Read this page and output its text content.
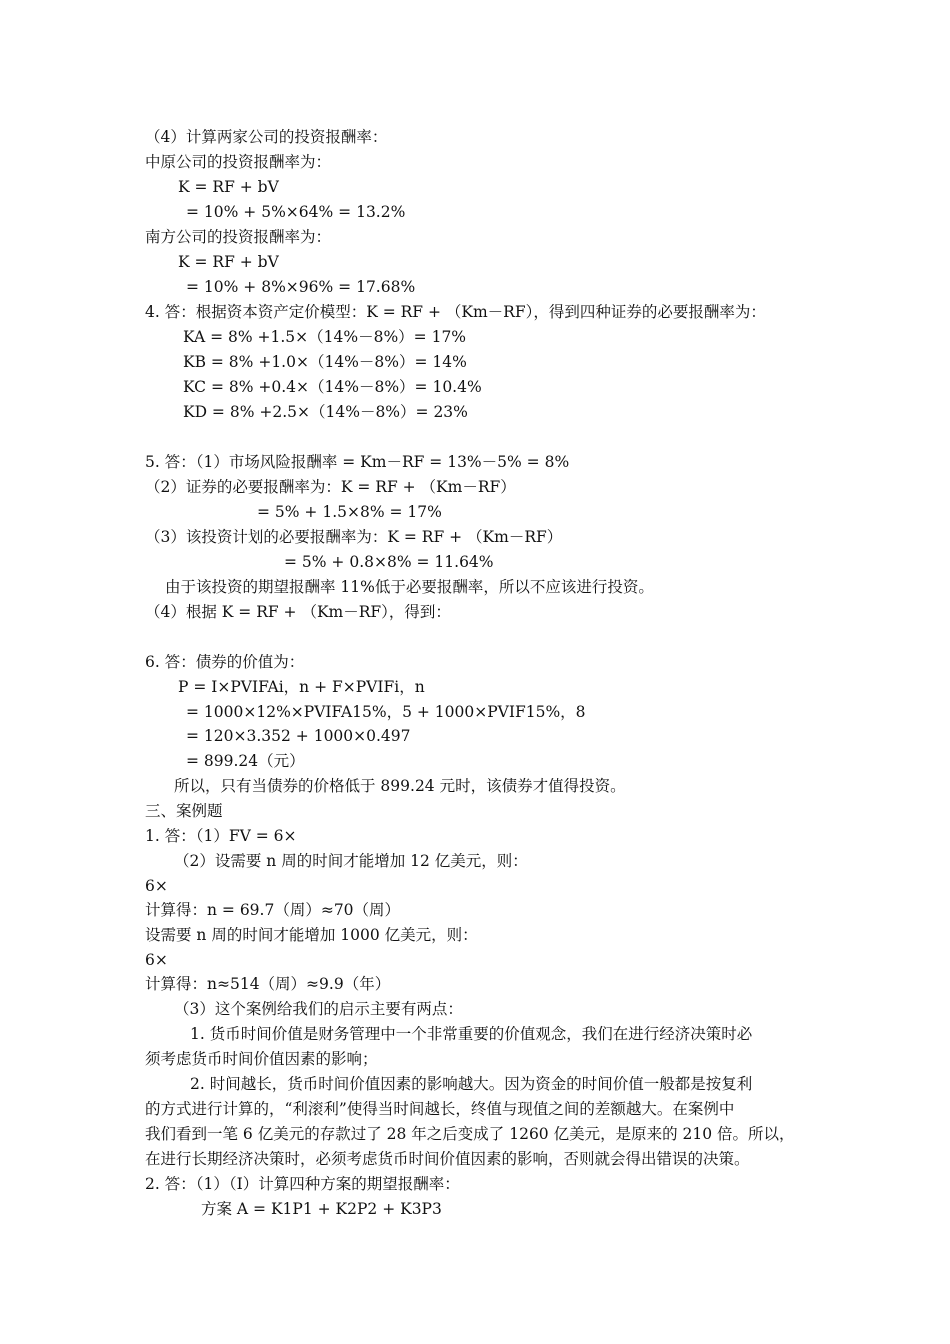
（4）计算两家公司的投资报酬率：

中原公司的投资报酬率为：

K = RF + bV

= 10% + 5%×64% = 13.2%

南方公司的投资报酬率为：

K = RF + bV

= 10% + 8%×96% = 17.68%

4. 答：根据资本资产定价模型：K = RF + （Km－RF），得到四种证券的必要报酬率为：

KA = 8% +1.5×（14%－8%）= 17%

KB = 8% +1.0×（14%－8%）= 14%

KC = 8% +0.4×（14%－8%）= 10.4%

KD = 8% +2.5×（14%－8%）= 23%

5. 答：（1）市场风险报酬率 = Km－RF = 13%－5% = 8%

（2）证券的必要报酬率为：K = RF + （Km－RF）

= 5% + 1.5×8% = 17%

（3）该投资计划的必要报酬率为：K = RF + （Km－RF）

= 5% + 0.8×8% = 11.64%

由于该投资的期望报酬率 11%低于必要报酬率，所以不应该进行投资。

（4）根据 K = RF + （Km－RF），得到：

6. 答：债券的价值为：

P = I×PVIFAi，n + F×PVIFi，n

= 1000×12%×PVIFA15%，5 + 1000×PVIF15%，8

= 120×3.352 + 1000×0.497

= 899.24（元）

所以，只有当债券的价格低于 899.24 元时，该债券才值得投资。

三、案例题

1. 答：（1）FV = 6×

（2）设需要 n 周的时间才能增加 12 亿美元，则：

6×

计算得：n = 69.7（周）≈70（周）

设需要 n 周的时间才能增加 1000 亿美元，则：

6×

计算得：n≈514（周）≈9.9（年）

（3）这个案例给我们的启示主要有两点：

1. 货币时间价值是财务管理中一个非常重要的价值观念，我们在进行经济决策时必

须考虑货币时间价值因素的影响；

2. 时间越长，货币时间价值因素的影响越大。因为资金的时间价值一般都是按复利

的方式进行计算的，“利滚利”使得当时间越长，终值与现值之间的差额越大。在案例中

我们看到一笔 6 亿美元的存款过了 28 年之后变成了 1260 亿美元，是原来的 210 倍。所以，

在进行长期经济决策时，必须考虑货币时间价值因素的影响，否则就会得出错误的决策。

2. 答：（1）（I）计算四种方案的期望报酬率：

方案 A = K1P1 + K2P2 + K3P3
